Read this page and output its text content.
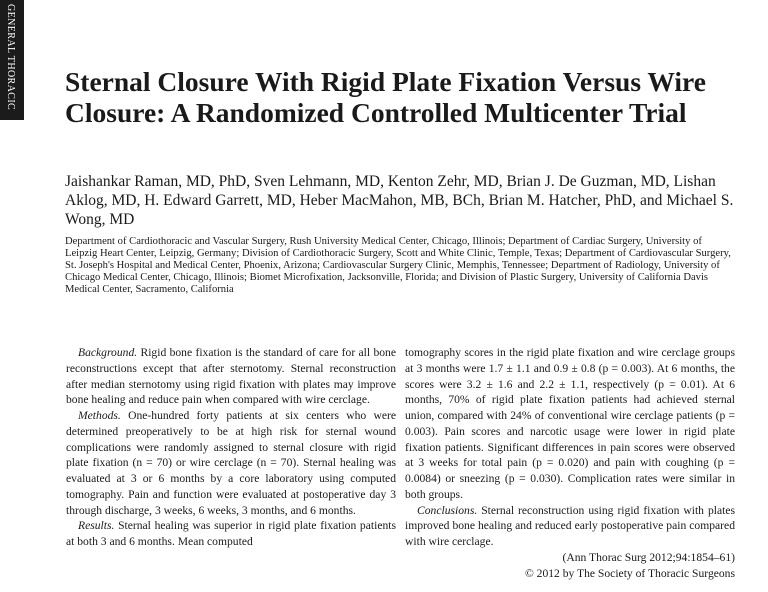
GENERAL THORACIC Sternal Closure With Rigid Plate Fixation Versus Wire Closure: A Randomized Controlled Multicenter Trial

Jaishankar Raman, MD, PhD, Sven Lehmann, MD, Kenton Zehr, MD, Brian J. De Guzman, MD, Lishan Aklog, MD, H. Edward Garrett, MD, Heber MacMahon, MB, BCh, Brian M. Hatcher, PhD, and Michael S. Wong, MD

Department of Cardiothoracic and Vascular Surgery, Rush University Medical Center, Chicago, Illinois; Department of Cardiac Surgery, University of Leipzig Heart Center, Leipzig, Germany; Division of Cardiothoracic Surgery, Scott and White Clinic, Temple, Texas; Department of Cardiovascular Surgery, St. Joseph's Hospital and Medical Center, Phoenix, Arizona; Cardiovascular Surgery Clinic, Memphis, Tennessee; Department of Radiology, University of Chicago Medical Center, Chicago, Illinois; Biomet Microfixation, Jacksonville, Florida; and Division of Plastic Surgery, University of California Davis Medical Center, Sacramento, California

Background. Rigid bone fixation is the standard of care for all bone reconstructions except that after sternotomy. Sternal reconstruction after median sternotomy using rigid fixation with plates may improve bone healing and reduce pain when compared with wire cerclage.

Methods. One-hundred forty patients at six centers who were determined preoperatively to be at high risk for sternal wound complications were randomly assigned to sternal closure with rigid plate fixation (n = 70) or wire cerclage (n = 70). Sternal healing was evaluated at 3 or 6 months by a core laboratory using computed tomography. Pain and function were evaluated at postoperative day 3 through discharge, 3 weeks, 6 weeks, 3 months, and 6 months.

Results. Sternal healing was superior in rigid plate fixation patients at both 3 and 6 months. Mean computed

tomography scores in the rigid plate fixation and wire cerclage groups at 3 months were 1.7 ± 1.1 and 0.9 ± 0.8 (p = 0.003). At 6 months, the scores were 3.2 ± 1.6 and 2.2 ± 1.1, respectively (p = 0.01). At 6 months, 70% of rigid plate fixation patients had achieved sternal union, compared with 24% of conventional wire cerclage patients (p = 0.003). Pain scores and narcotic usage were lower in rigid plate fixation patients. Significant differences in pain scores were observed at 3 weeks for total pain (p = 0.020) and pain with coughing (p = 0.0084) or sneezing (p = 0.030). Complication rates were similar in both groups.

Conclusions. Sternal reconstruction using rigid fixation with plates improved bone healing and reduced early postoperative pain compared with wire cerclage.

(Ann Thorac Surg 2012;94:1854–61)
© 2012 by The Society of Thoracic Surgeons
